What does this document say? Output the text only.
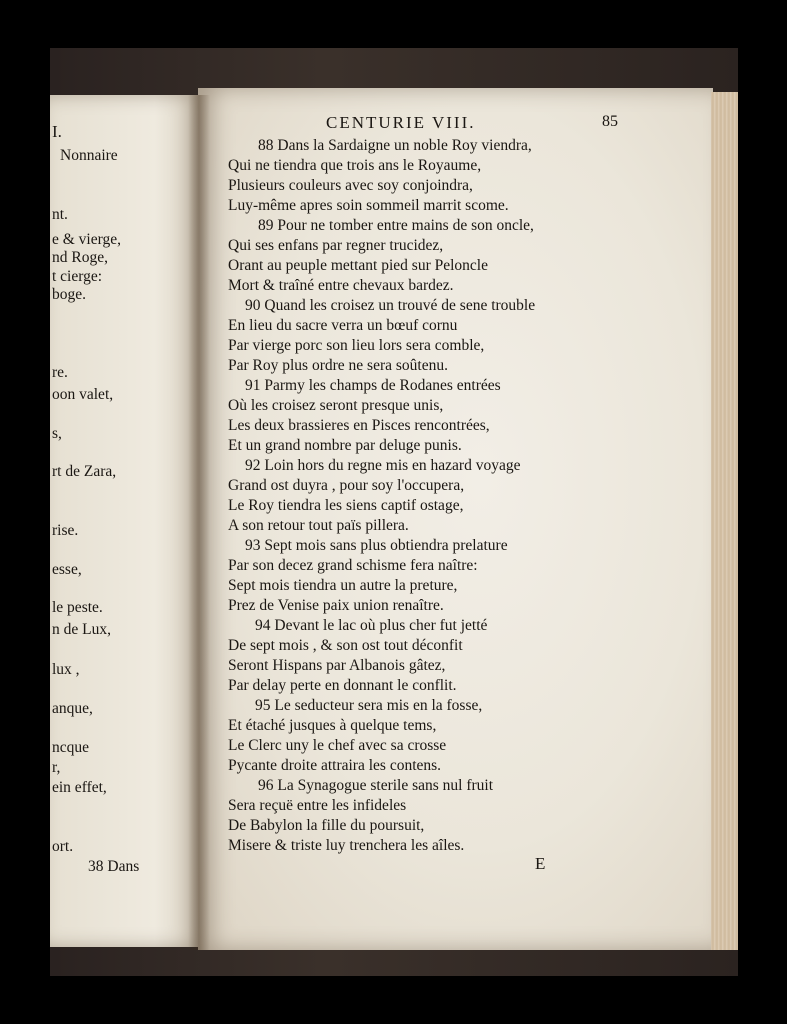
I.
Nonnaire
nt.
e & vierge,
nd Roge,
t cierge:
boge.
re.
oon valet,
s,
rt de Zara,
rise.
esse,
le peste.
n de Lux,
lux ,
anque,
ncque
r,
ein effet,
ort.
38 Dans
CENTURIE VIII.	85
88 Dans la Sardaigne un noble Roy viendra,
Qui ne tiendra que trois ans le Royaume,
Plusieurs couleurs avec soy conjoindra,
Luy-même apres soin sommeil marrit scome.
89 Pour ne tomber entre mains de son oncle,
Qui ses enfans par regner trucidez,
Orant au peuple mettant pied sur Peloncle
Mort & traîné entre chevaux bardez.
90 Quand les croisez un trouvé de sene trouble
En lieu du sacre verra un bœuf cornu
Par vierge porc son lieu lors sera comble,
Par Roy plus ordre ne sera soûtenu.
91 Parmy les champs de Rodanes entrées
Où les croisez seront presque unis,
Les deux brassieres en Pisces rencontrées,
Et un grand nombre par deluge punis.
92 Loin hors du regne mis en hazard voyage
Grand ost duyra , pour soy l'occupera,
Le Roy tiendra les siens captif ostage,
A son retour tout païs pillera.
93 Sept mois sans plus obtiendra prelature
Par son decez grand schisme fera naître:
Sept mois tiendra un autre la preture,
Prez de Venise paix union renaître.
94 Devant le lac où plus cher fut jetté
De sept mois , & son ost tout déconfit
Seront Hispans par Albanois gâtez,
Par delay perte en donnant le conflit.
95 Le seducteur sera mis en la fosse,
Et étaché jusques à quelque tems,
Le Clerc uny le chef avec sa crosse
Pycante droite attraira les contens.
96 La Synagogue sterile sans nul fruit
Sera reçuë entre les infideles
De Babylon la fille du poursuit,
Misere & triste luy trenchera les aîles.
E
